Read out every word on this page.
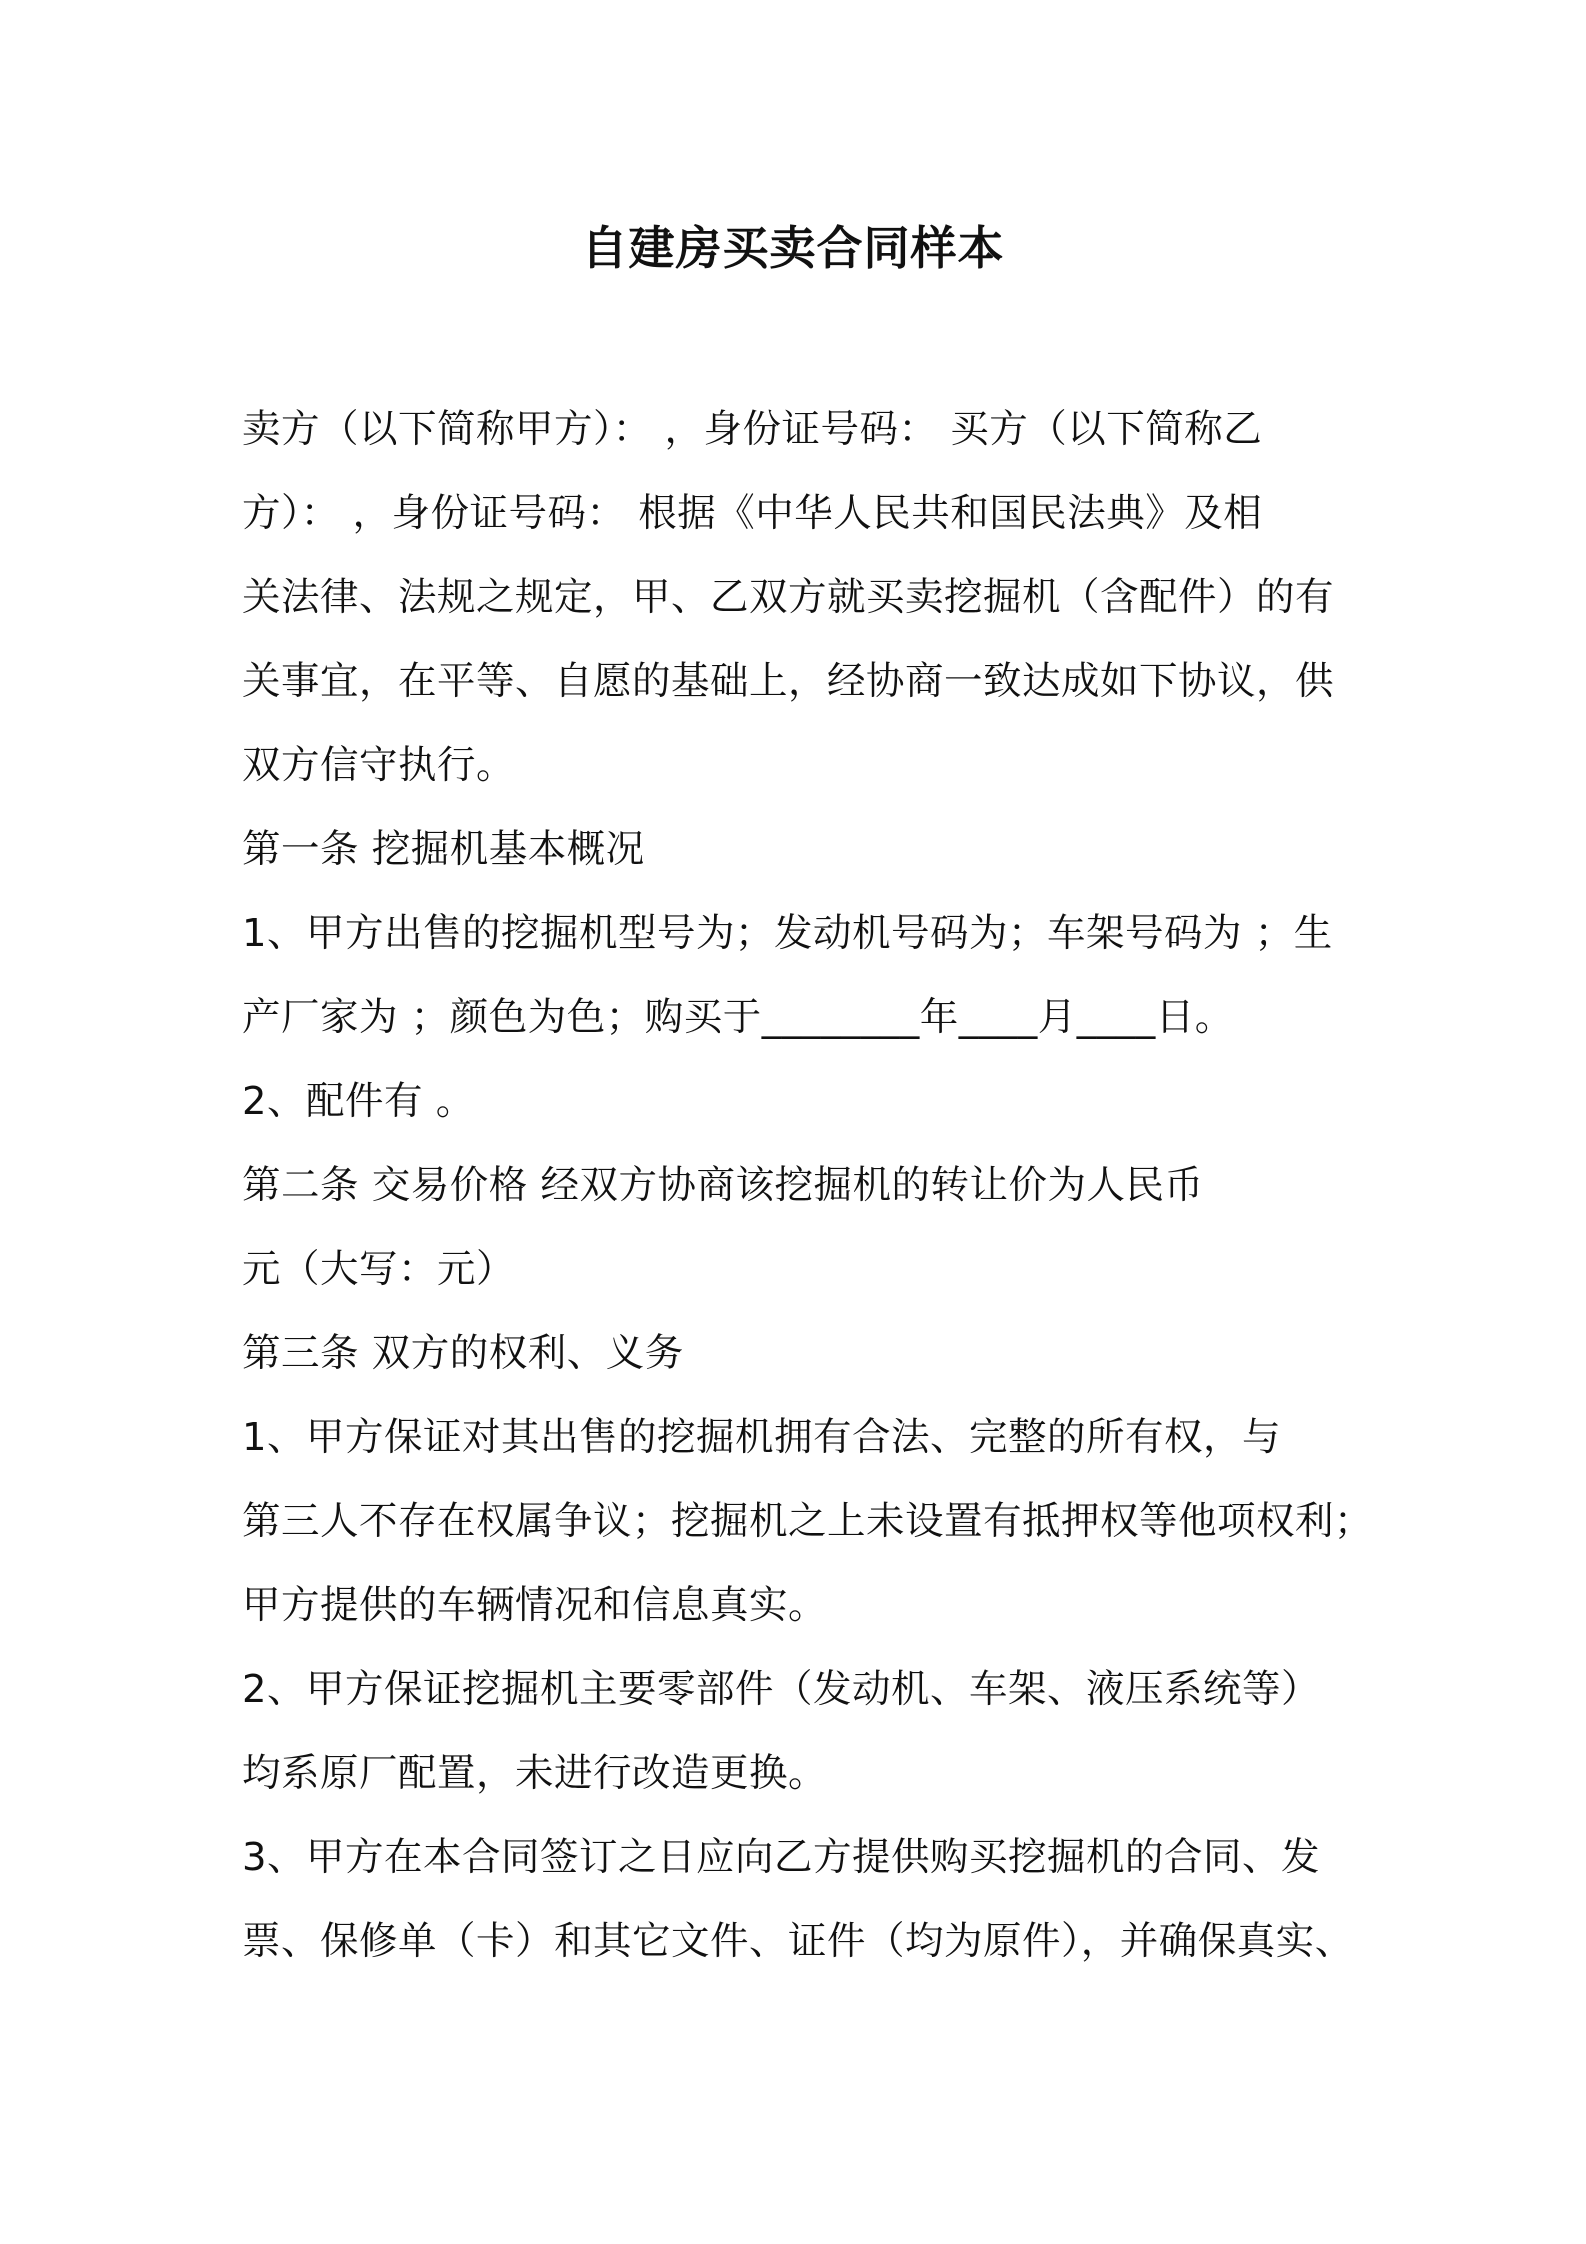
自建房买卖合同样本
卖方（以下简称甲方）： ，身份证号码： 买方（以下简称乙
方）： ，身份证号码： 根据《中华人民共和国民法典》及相
关法律、法规之规定，甲、乙双方就买卖挖掘机（含配件）的有
关事宜，在平等、自愿的基础上，经协商一致达成如下协议，供
双方信守执行。
第一条 挖掘机基本概况
1、甲方出售的挖掘机型号为；发动机号码为；车架号码为 ；生
产厂家为 ；颜色为色；购买于________年____月____日。
2、配件有 。
第二条 交易价格 经双方协商该挖掘机的转让价为人民币
元（大写：元）
第三条 双方的权利、义务
1、甲方保证对其出售的挖掘机拥有合法、完整的所有权，与
第三人不存在权属争议；挖掘机之上未设置有抵押权等他项权利；
甲方提供的车辆情况和信息真实。
2、甲方保证挖掘机主要零部件（发动机、车架、液压系统等）
均系原厂配置，未进行改造更换。
3、甲方在本合同签订之日应向乙方提供购买挖掘机的合同、发
票、保修单（卡）和其它文件、证件（均为原件），并确保真实、
